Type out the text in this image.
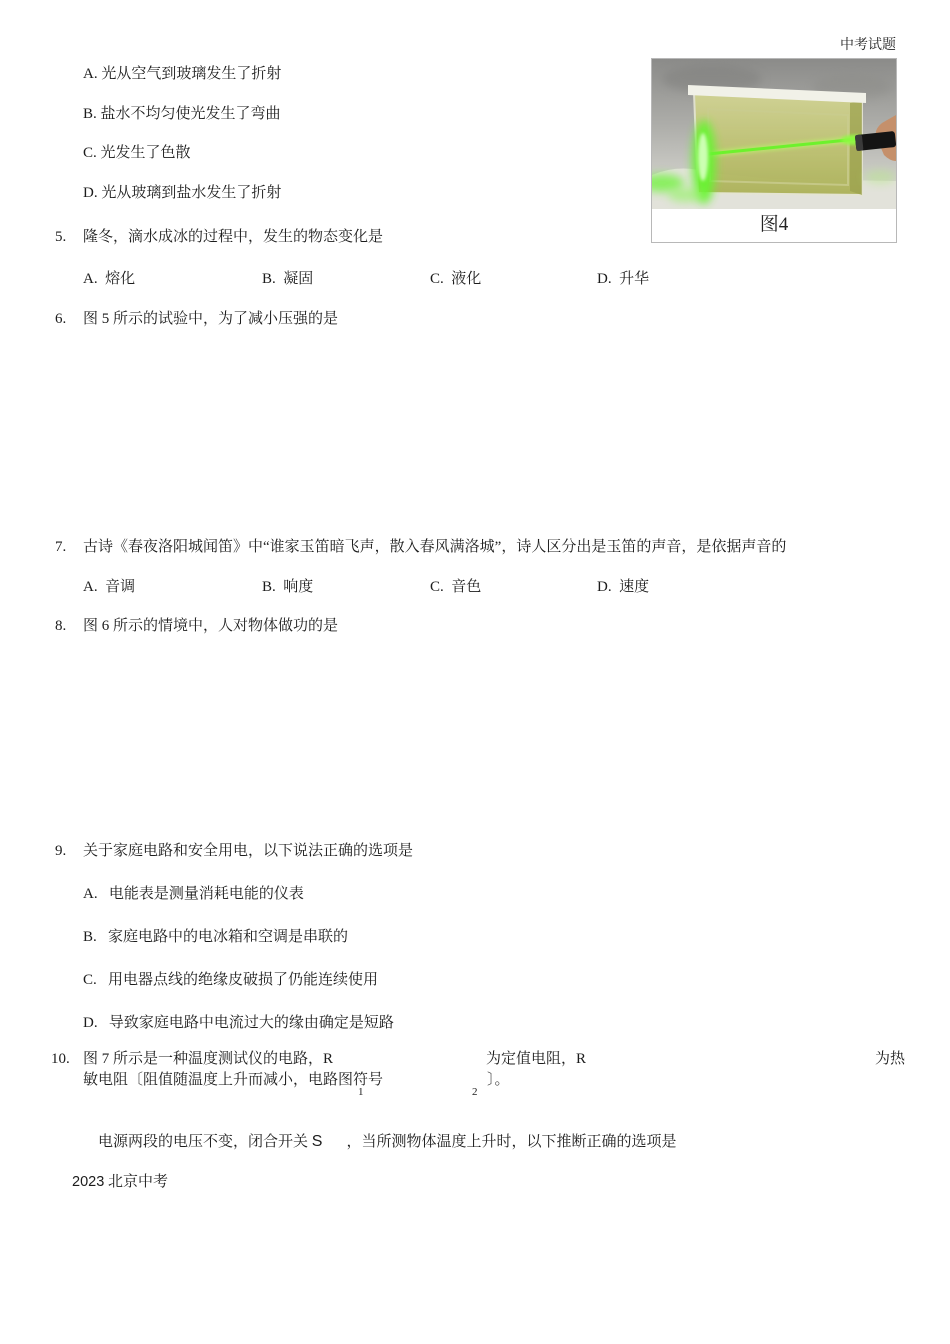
中考试题
图4
A. 光从空气到玻璃发生了折射
B. 盐水不均匀使光发生了弯曲
C. 光发生了色散
D. 光从玻璃到盐水发生了折射
5. 隆冬，滴水成冰的过程中，发生的物态变化是
A.  熔化	B.  凝固	C.  液化	D.  升华
6. 图 5 所示的试验中，为了减小压强的是
7. 古诗《春夜洛阳城闻笛》中“谁家玉笛暗飞声，散入春风满洛城”，诗人区分出是玉笛的声音，是依据声音的
A.  音调	B.  响度	C.  音色	D.  速度
8. 图 6 所示的情境中，人对物体做功的是
9. 关于家庭电路和安全用电，以下说法正确的选项是
A.   电能表是测量消耗电能的仪表
B.   家庭电路中的电冰箱和空调是串联的
C.   用电器点线的绝缘皮破损了仍能连续使用
D.   导致家庭电路中电流过大的缘由确定是短路
10. 图 7 所示是一种温度测试仪的电路，R	为定值电阻，R	为热
敏电阻〔阻值随温度上升而减小，电路图符号	〕。
1	2

电源两段的电压不变，闭合开关 S ，当所测物体温度上升时，以下推断正确的选项是

2023 北京中考
